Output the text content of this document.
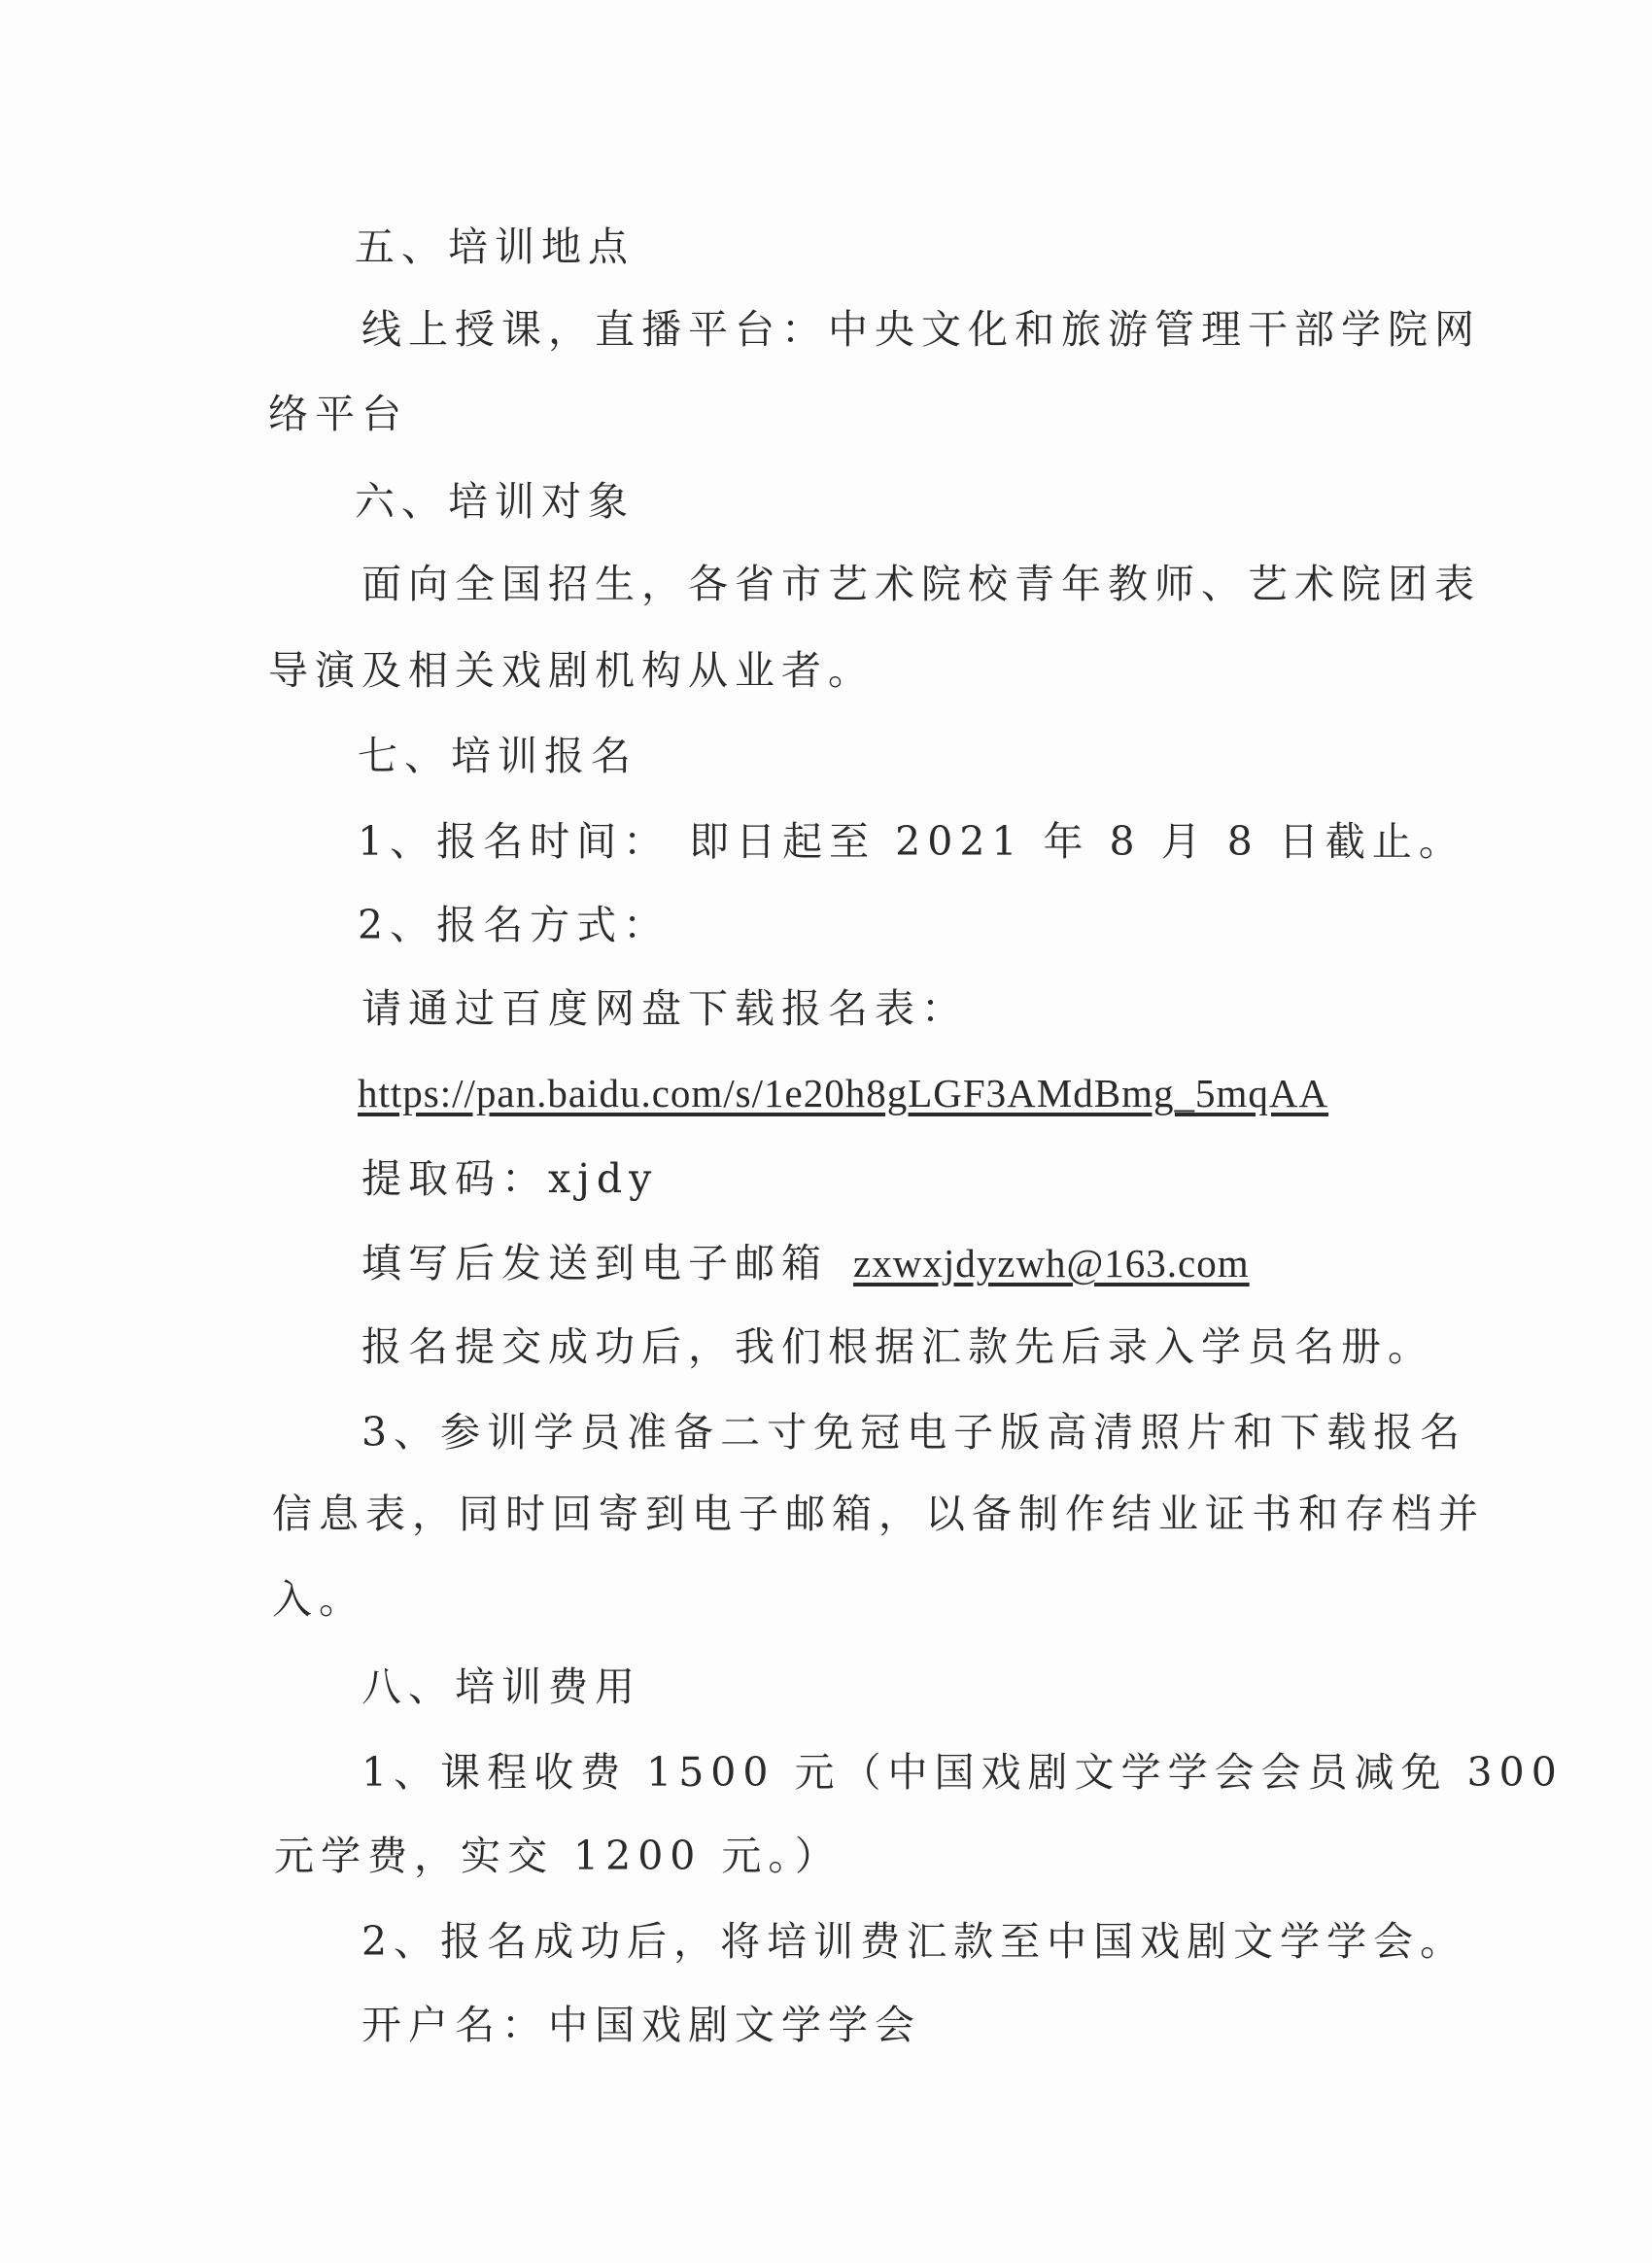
五、培训地点
线上授课，直播平台：中央文化和旅游管理干部学院网
络平台
六、培训对象
面向全国招生，各省市艺术院校青年教师、艺术院团表
导演及相关戏剧机构从业者。
七、培训报名
1、报名时间： 即日起至 2021 年 8 月 8 日截止。
2、报名方式：
请通过百度网盘下载报名表：
https://pan.baidu.com/s/1e20h8gLGF3AMdBmg_5mqAA
提取码：xjdy
填写后发送到电子邮箱 zxwxjdyzwh@163.com
报名提交成功后，我们根据汇款先后录入学员名册。
3、参训学员准备二寸免冠电子版高清照片和下载报名
信息表，同时回寄到电子邮箱，以备制作结业证书和存档并
入。
八、培训费用
1、课程收费 1500 元（中国戏剧文学学会会员减免 300
元学费，实交 1200 元。）
2、报名成功后，将培训费汇款至中国戏剧文学学会。
开户名：中国戏剧文学学会
